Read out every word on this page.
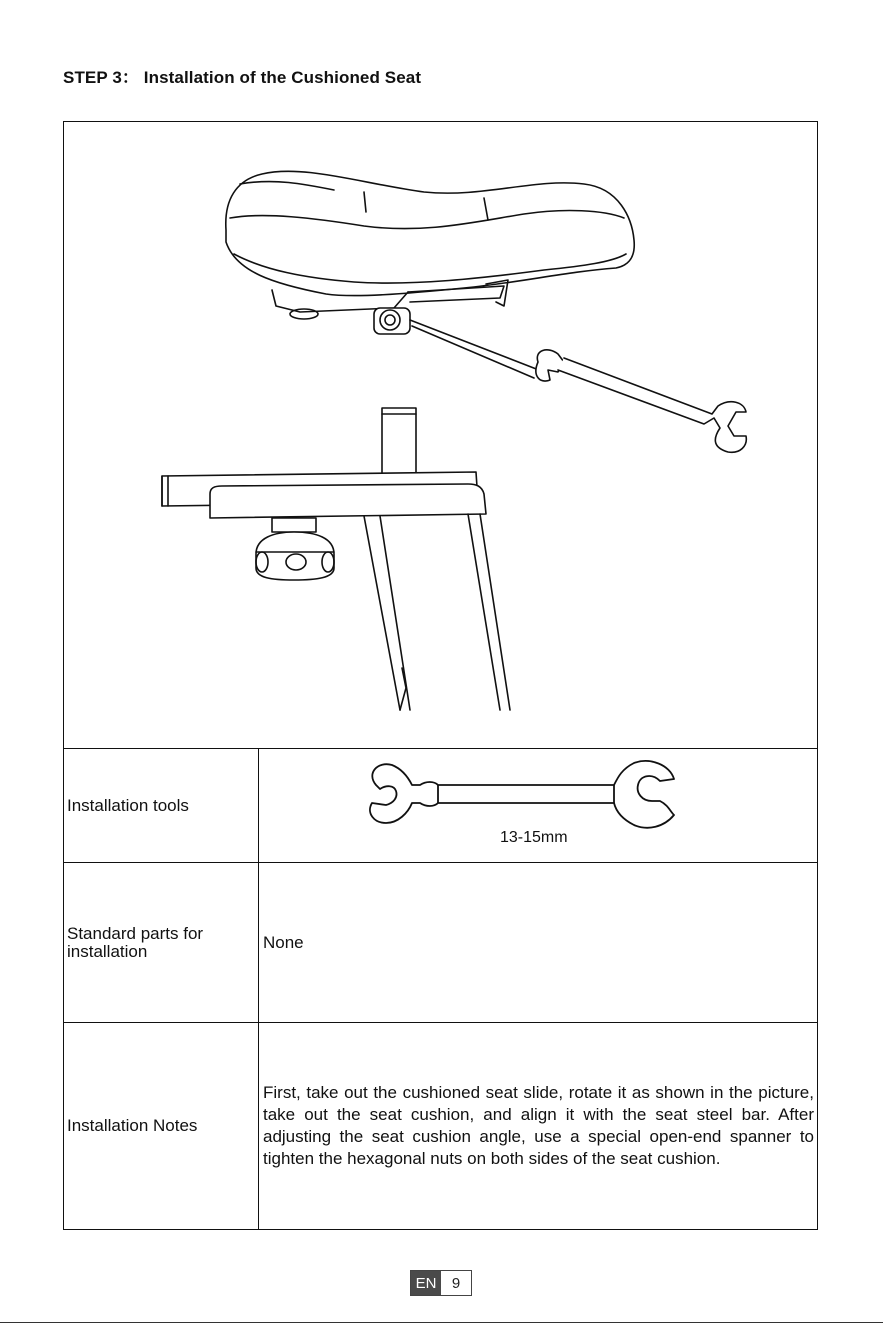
STEP 3： Installation of the Cushioned Seat
Installation tools
13-15mm
Standard parts for installation	None
Installation Notes
First, take out the cushioned seat slide, rotate it as shown in the picture, take out the seat cushion, and align it with the seat steel bar. After adjusting the seat cushion angle, use a special open-end spanner to tighten the hexagonal nuts on both sides of the seat cushion.
EN	9
